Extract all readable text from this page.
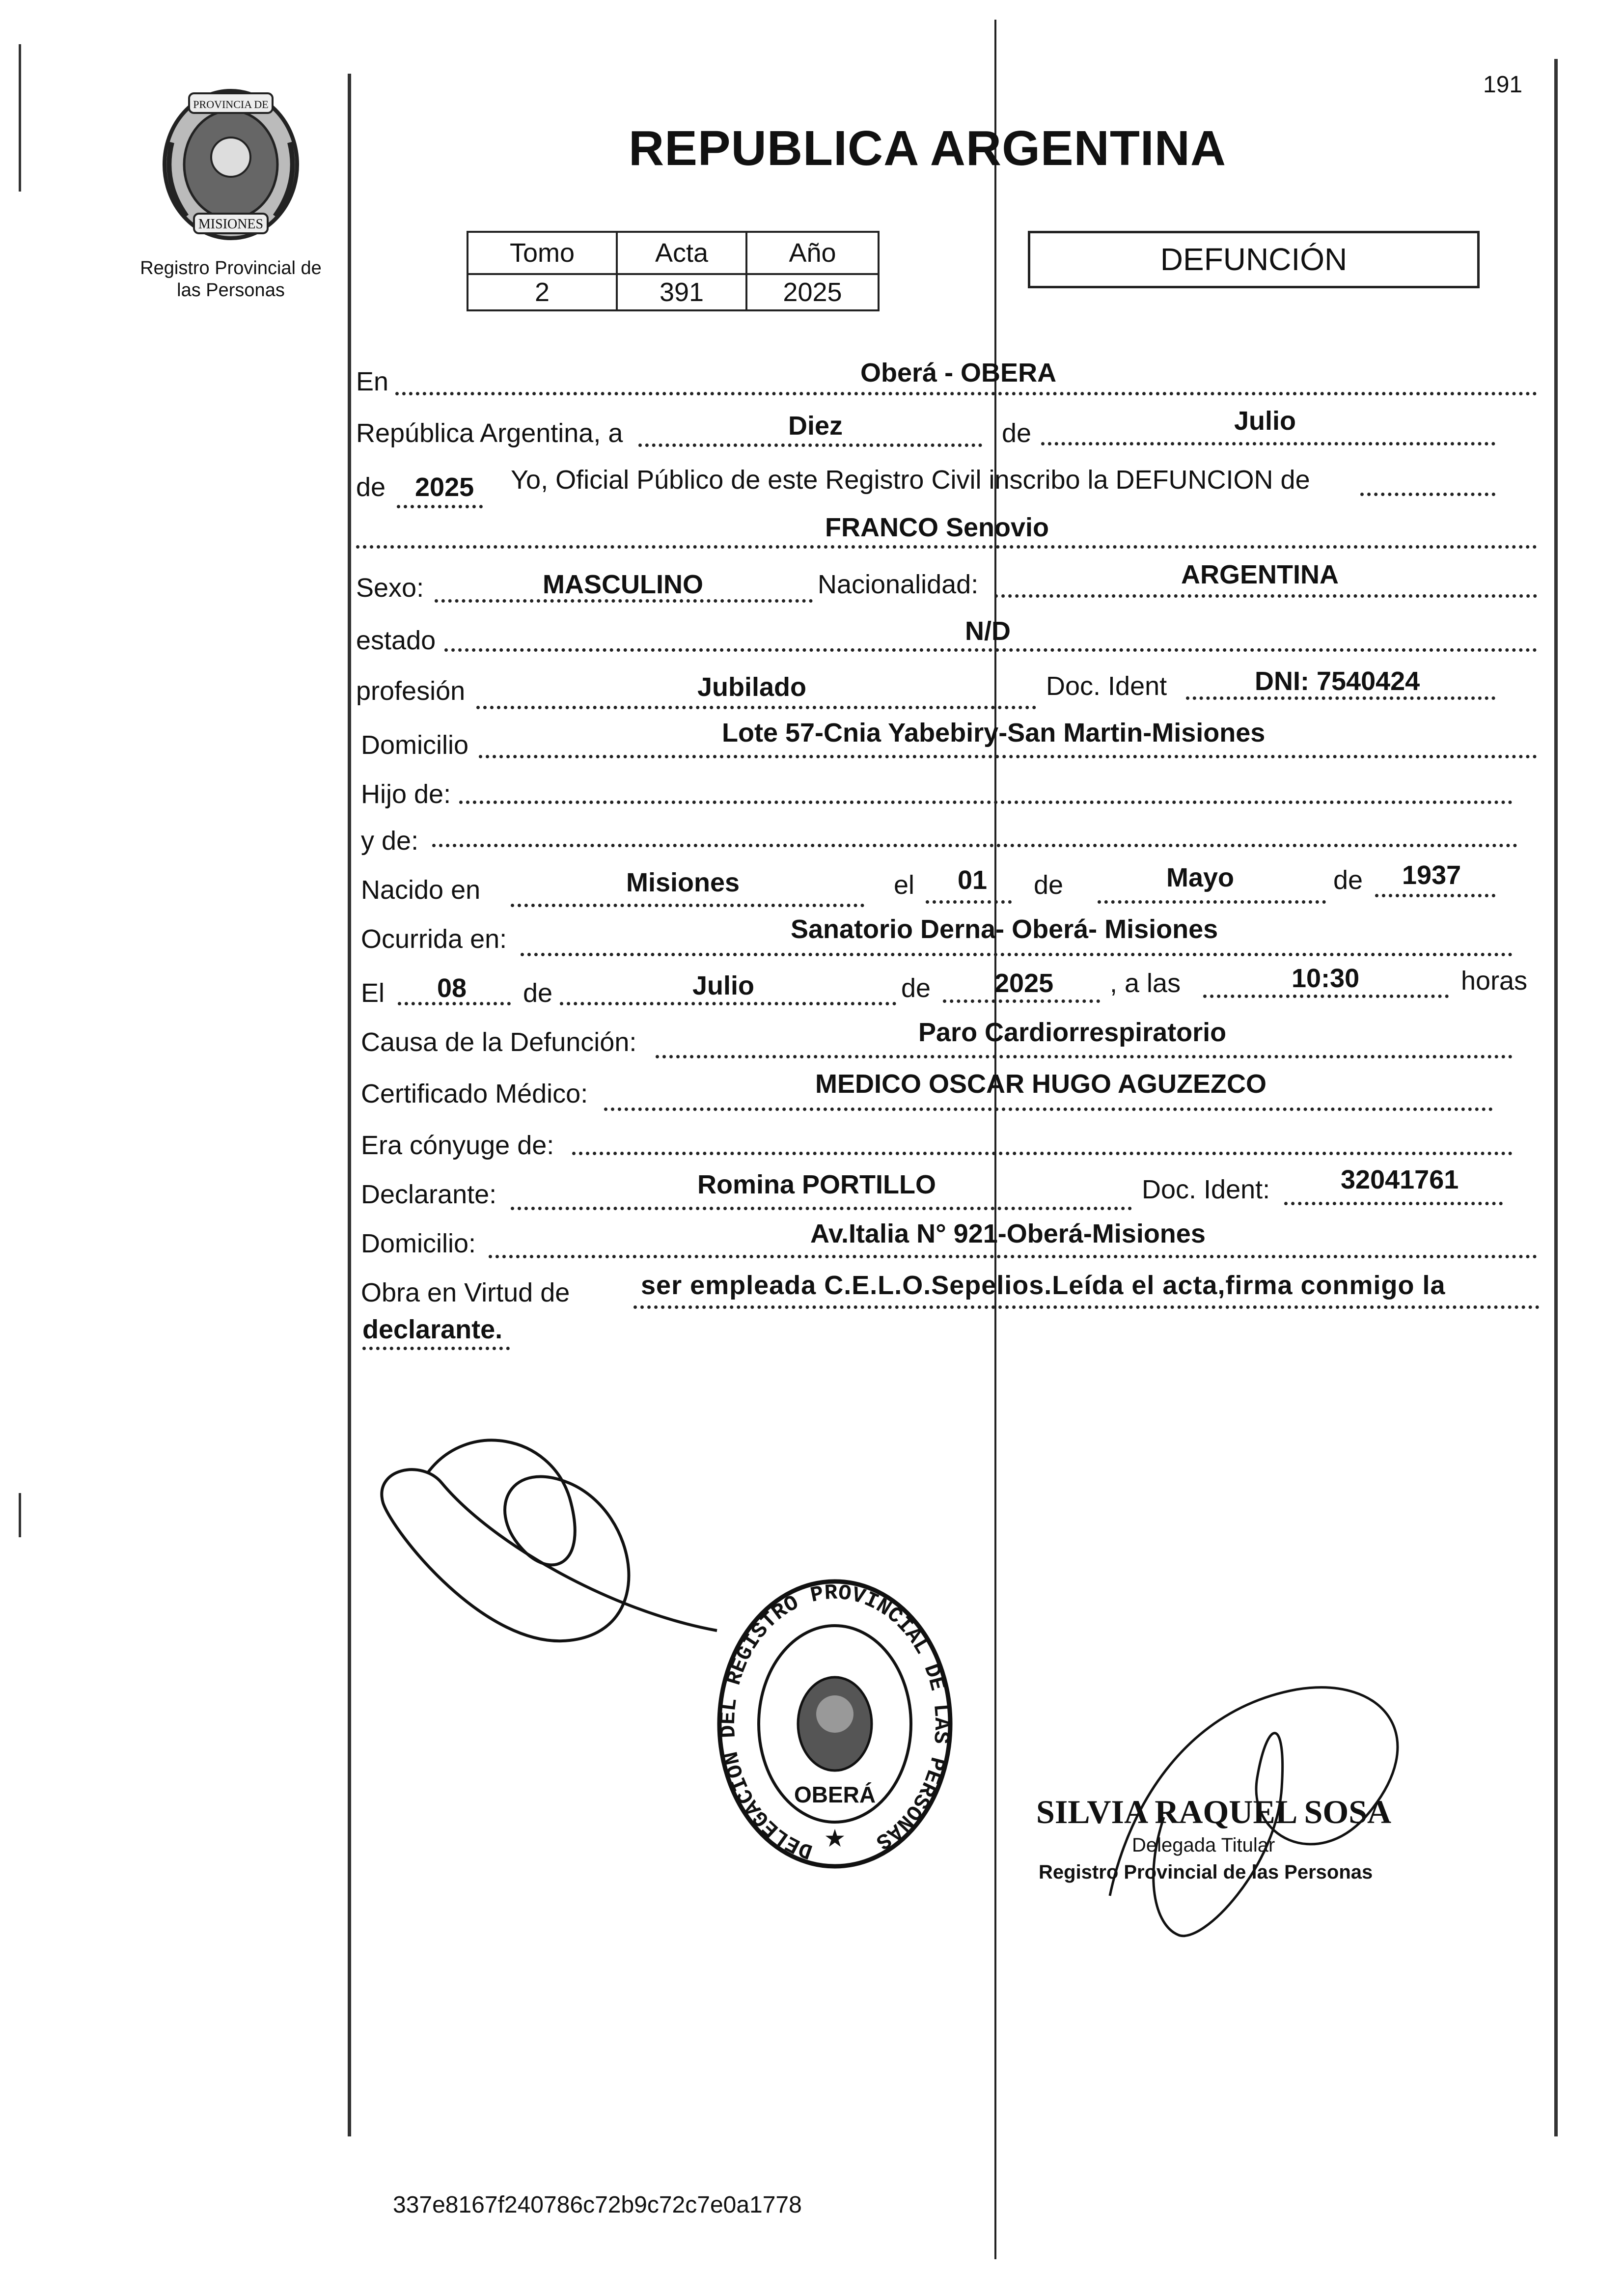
PROVINCIA DE
MISIONES
Registro Provincial de
las Personas
191
REPUBLICA ARGENTINA
Tomo	Acta	Año
2	391	2025
DEFUNCIÓN
En	Oberá - OBERA
República Argentina, a	Diez	de	Julio
de 2025 Yo, Oficial Público de este Registro Civil inscribo la DEFUNCION de
FRANCO Senovio
Sexo:	MASCULINO	Nacionalidad:	ARGENTINA
estado	N/D
profesión	Jubilado	Doc. Ident	DNI: 7540424
Domicilio	Lote 57-Cnia Yabebiry-San Martin-Misiones
Hijo de:
y de:
Nacido en	Misiones	el 01 de	Mayo	de 1937
Ocurrida en:	Sanatorio Derna- Oberá- Misiones
El 08 de	Julio	de 2025 , a las	10:30	horas
Causa de la Defunción:	Paro Cardiorrespiratorio
Certificado Médico:	MEDICO OSCAR HUGO AGUZEZCO
Era cónyuge de:
Declarante:	Romina PORTILLO	Doc. Ident:	32041761
Domicilio:	Av.Italia N° 921-Oberá-Misiones
Obra en Virtud de	ser empleada C.E.L.O.Sepelios.Leída el acta,firma conmigo la
declarante.
DELEGACION DEL REGISTRO PROVINCIAL DE LAS PERSONAS
OBERÁ
★
SILVIA RAQUEL SOSA
Delegada Titular
Registro Provincial de las Personas
337e8167f240786c72b9c72c7e0a1778
